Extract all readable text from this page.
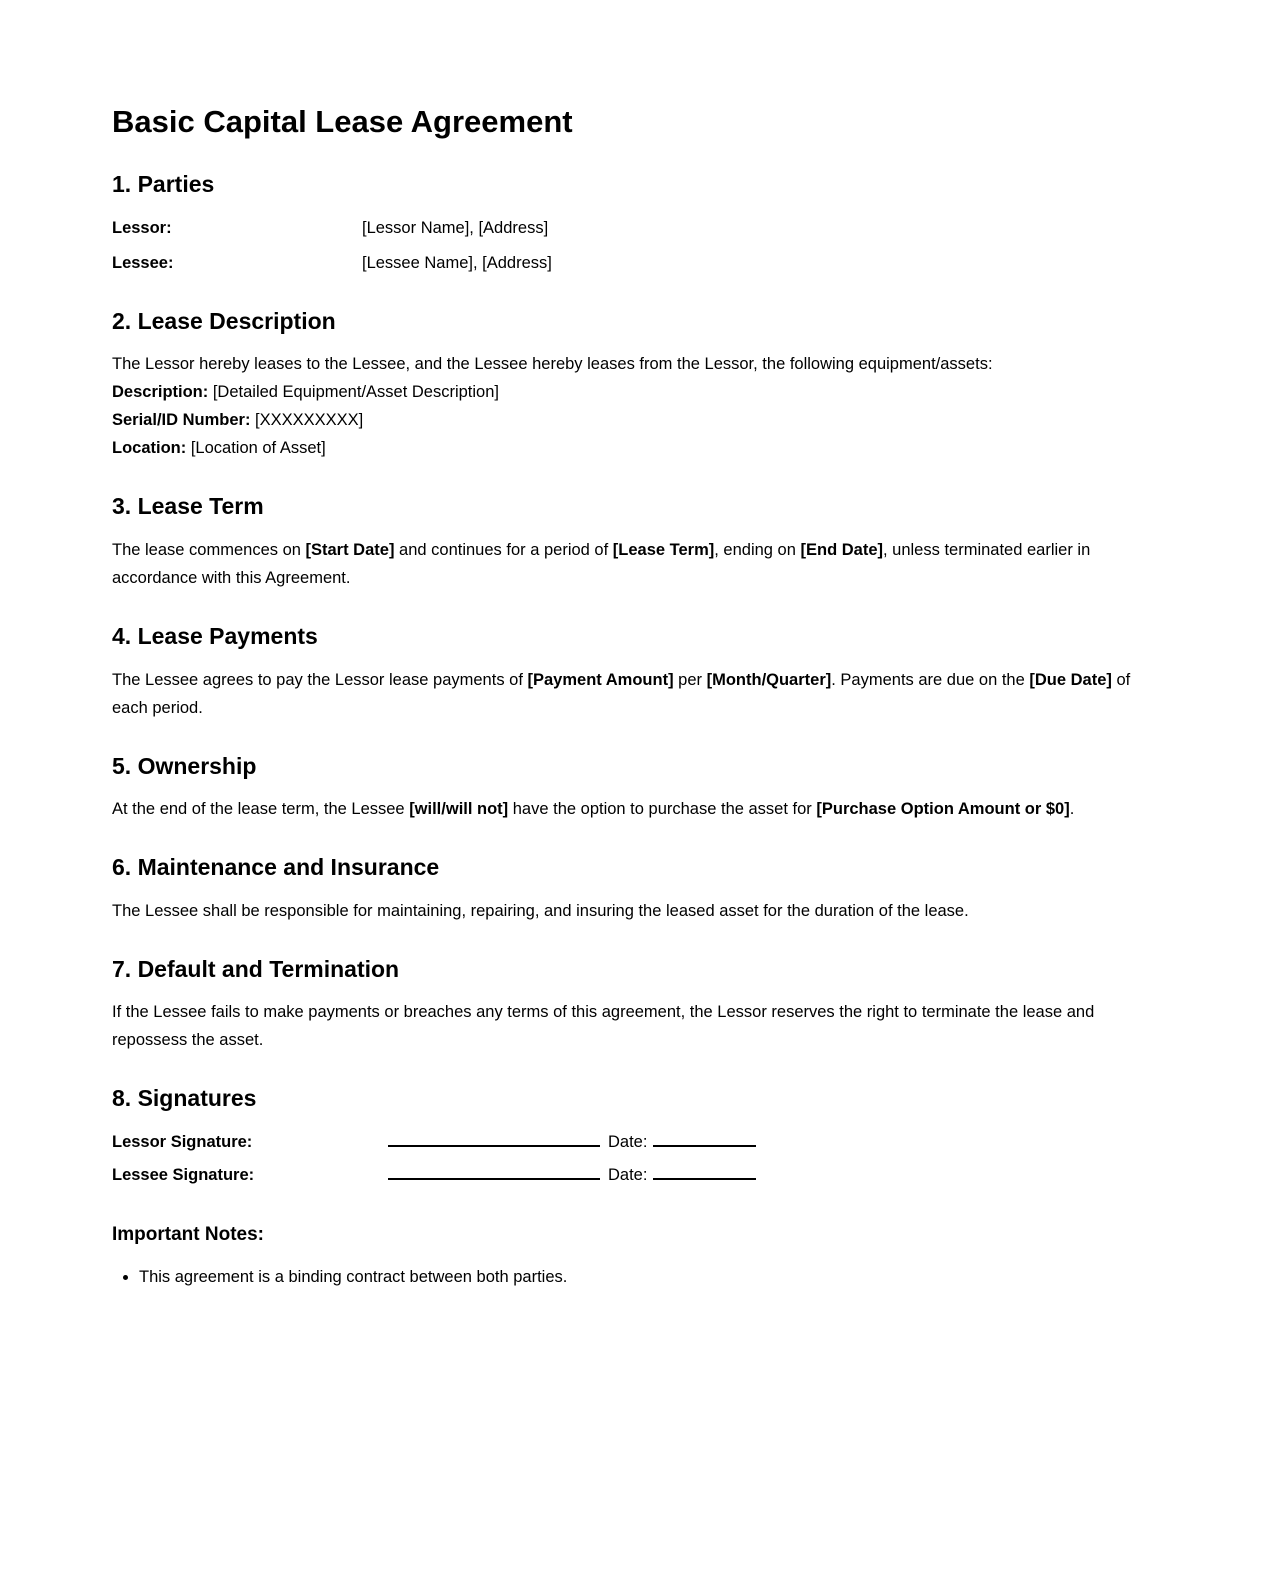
Basic Capital Lease Agreement
1. Parties
Lessor:	[Lessor Name], [Address]
Lessee:	[Lessee Name], [Address]
2. Lease Description

The Lessor hereby leases to the Lessee, and the Lessee hereby leases from the Lessor, the following equipment/assets:
Description: [Detailed Equipment/Asset Description]
Serial/ID Number: [XXXXXXXXX]
Location: [Location of Asset]

3. Lease Term

The lease commences on [Start Date] and continues for a period of [Lease Term], ending on [End Date], unless terminated earlier in accordance with this Agreement.

4. Lease Payments

The Lessee agrees to pay the Lessor lease payments of [Payment Amount] per [Month/Quarter]. Payments are due on the [Due Date] of each period.

5. Ownership

At the end of the lease term, the Lessee [will/will not] have the option to purchase the asset for [Purchase Option Amount or $0].

6. Maintenance and Insurance

The Lessee shall be responsible for maintaining, repairing, and insuring the leased asset for the duration of the lease.

7. Default and Termination

If the Lessee fails to make payments or breaches any terms of this agreement, the Lessor reserves the right to terminate the lease and repossess the asset.

8. Signatures
Lessor Signature:	Date:
Lessee Signature:	Date:
Important Notes:
• This agreement is a binding contract between both parties.
